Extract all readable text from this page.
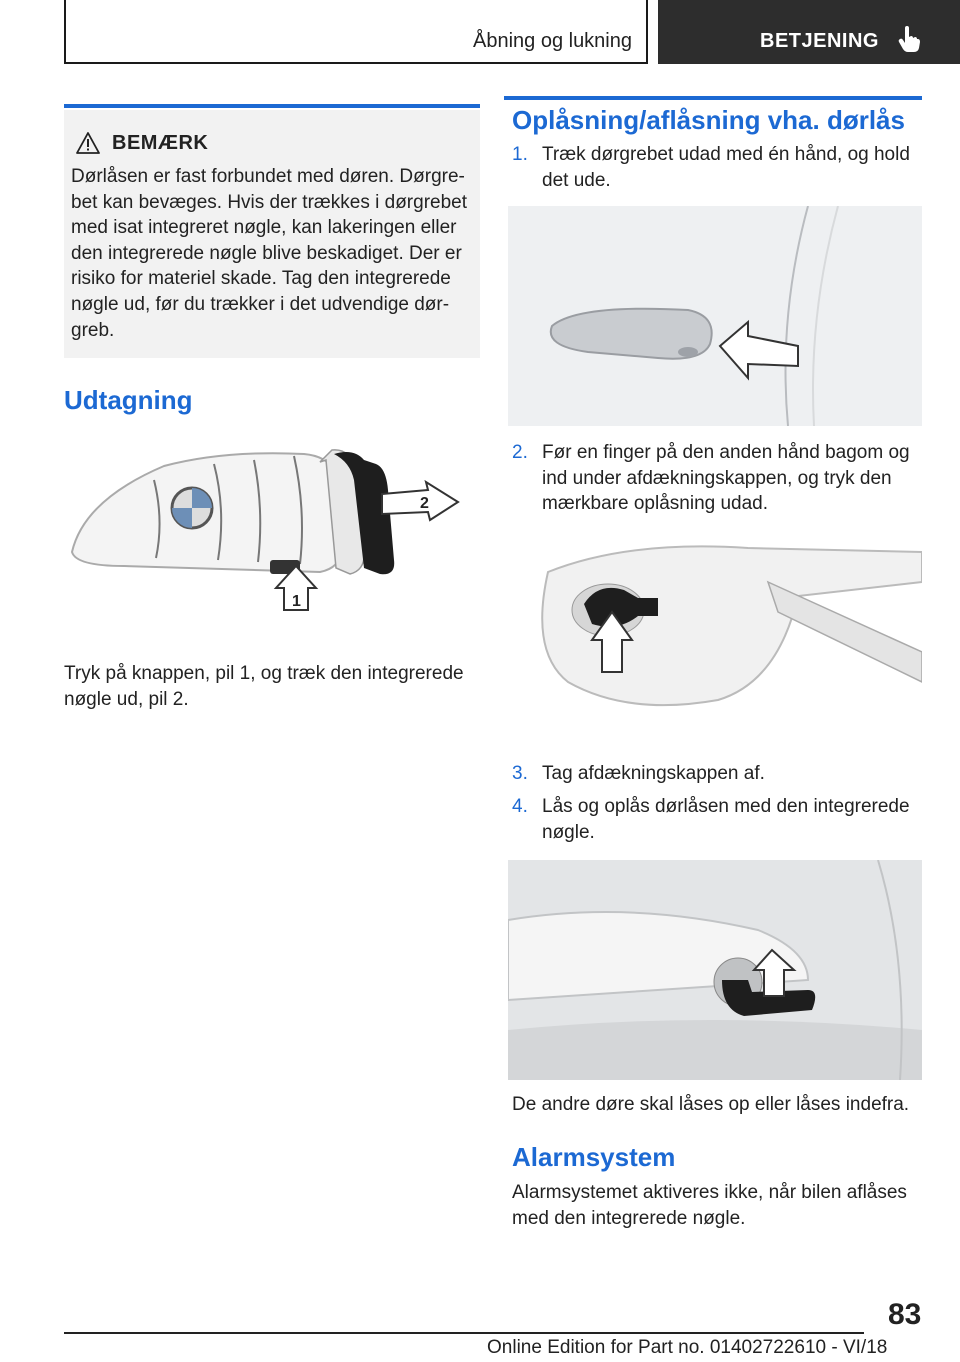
Åbning og lukning	BETJENING
BEMÆRK
Dørlåsen er fast forbundet med døren. Dørgre-bet kan bevæges. Hvis der trækkes i dørgrebet med isat integreret nøgle, kan lakeringen eller den integrerede nøgle blive beskadiget. Der er risiko for materiel skade. Tag den integrerede nøgle ud, før du trækker i det udvendige dør-greb.
Udtagning
2
1
Tryk på knappen, pil 1, og træk den integrerede nøgle ud, pil 2.
Oplåsning/aflåsning vha. dørlås
1. Træk dørgrebet udad med én hånd, og hold det ude.
2. Før en finger på den anden hånd bagom og ind under afdækningskappen, og tryk den mærkbare oplåsning udad.
3. Tag afdækningskappen af.
4. Lås og oplås dørlåsen med den integrerede nøgle.
De andre døre skal låses op eller låses indefra.
Alarmsystem
Alarmsystemet aktiveres ikke, når bilen aflåses med den integrerede nøgle.
83
Online Edition for Part no. 01402722610 - VI/18
